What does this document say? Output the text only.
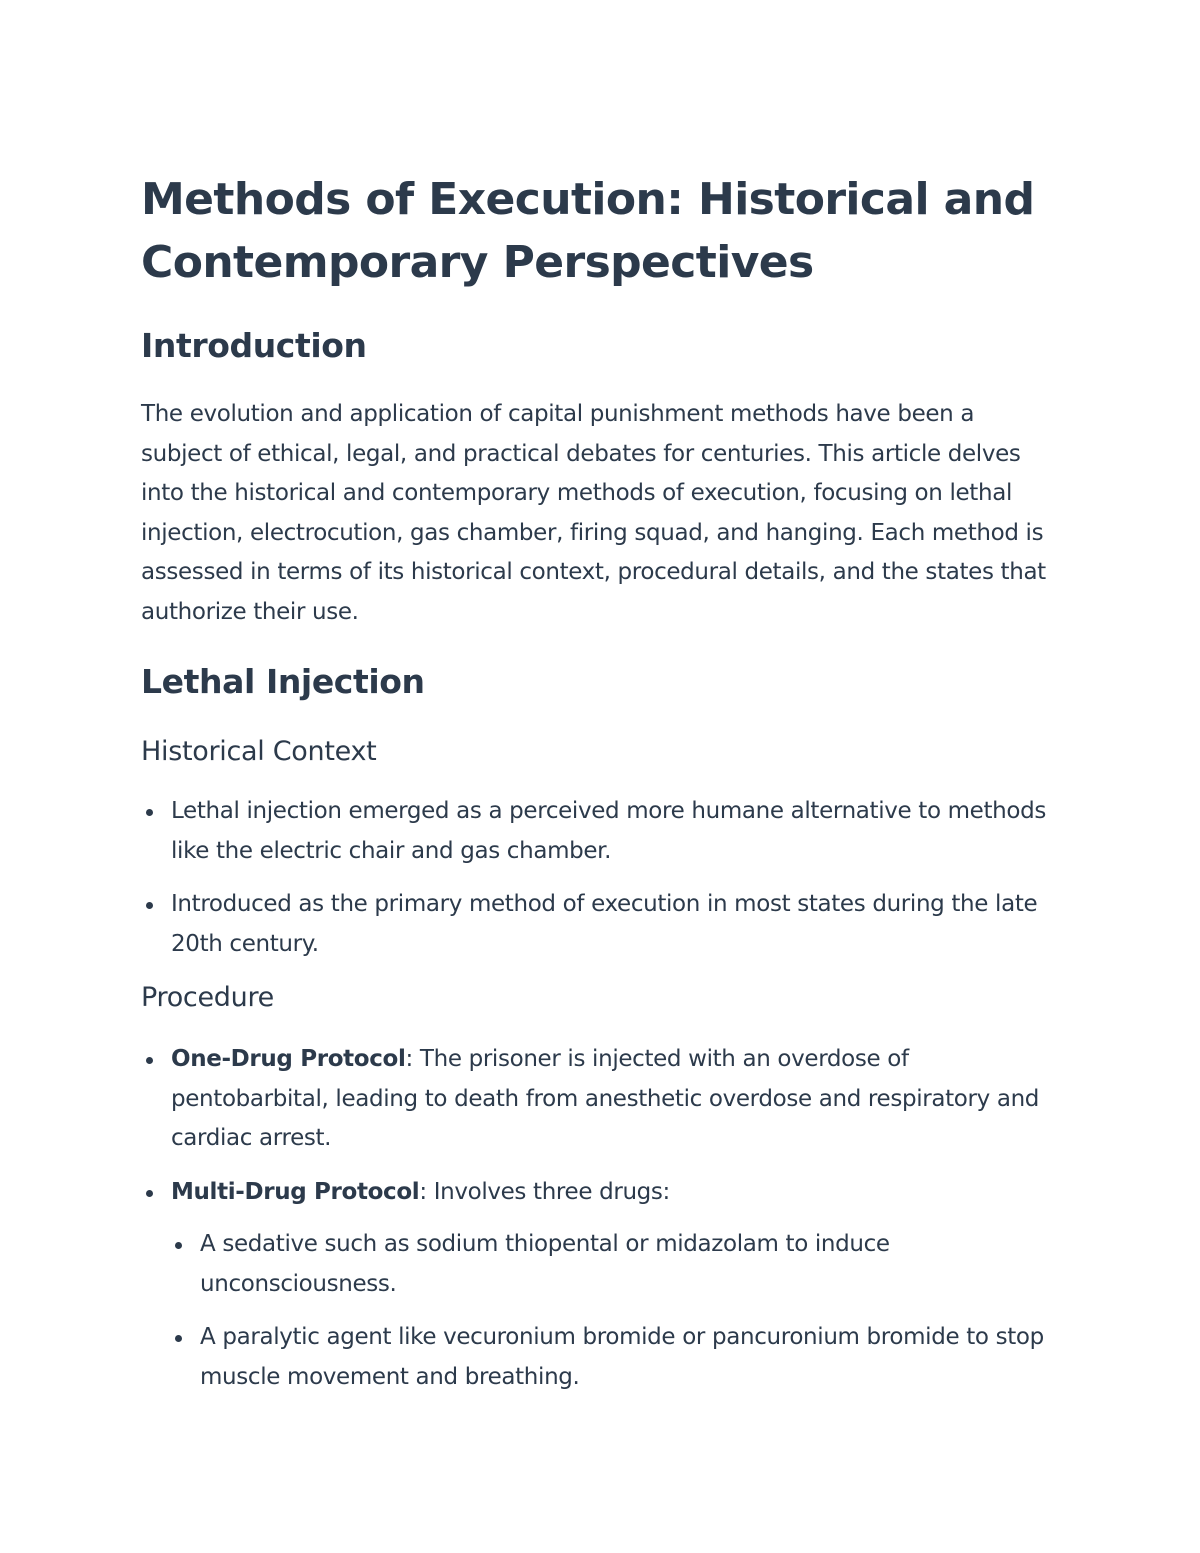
Methods of Execution: Historical and Contemporary Perspectives
Introduction

The evolution and application of capital punishment methods have been a subject of ethical, legal, and practical debates for centuries. This article delves into the historical and contemporary methods of execution, focusing on lethal injection, electrocution, gas chamber, firing squad, and hanging. Each method is assessed in terms of its historical context, procedural details, and the states that authorize their use.

Lethal Injection
Historical Context
Lethal injection emerged as a perceived more humane alternative to methods like the electric chair and gas chamber.
Introduced as the primary method of execution in most states during the late 20th century.
Procedure
One-Drug Protocol: The prisoner is injected with an overdose of pentobarbital, leading to death from anesthetic overdose and respiratory and cardiac arrest.
Multi-Drug Protocol: Involves three drugs:
A sedative such as sodium thiopental or midazolam to induce unconsciousness.
A paralytic agent like vecuronium bromide or pancuronium bromide to stop muscle movement and breathing.
